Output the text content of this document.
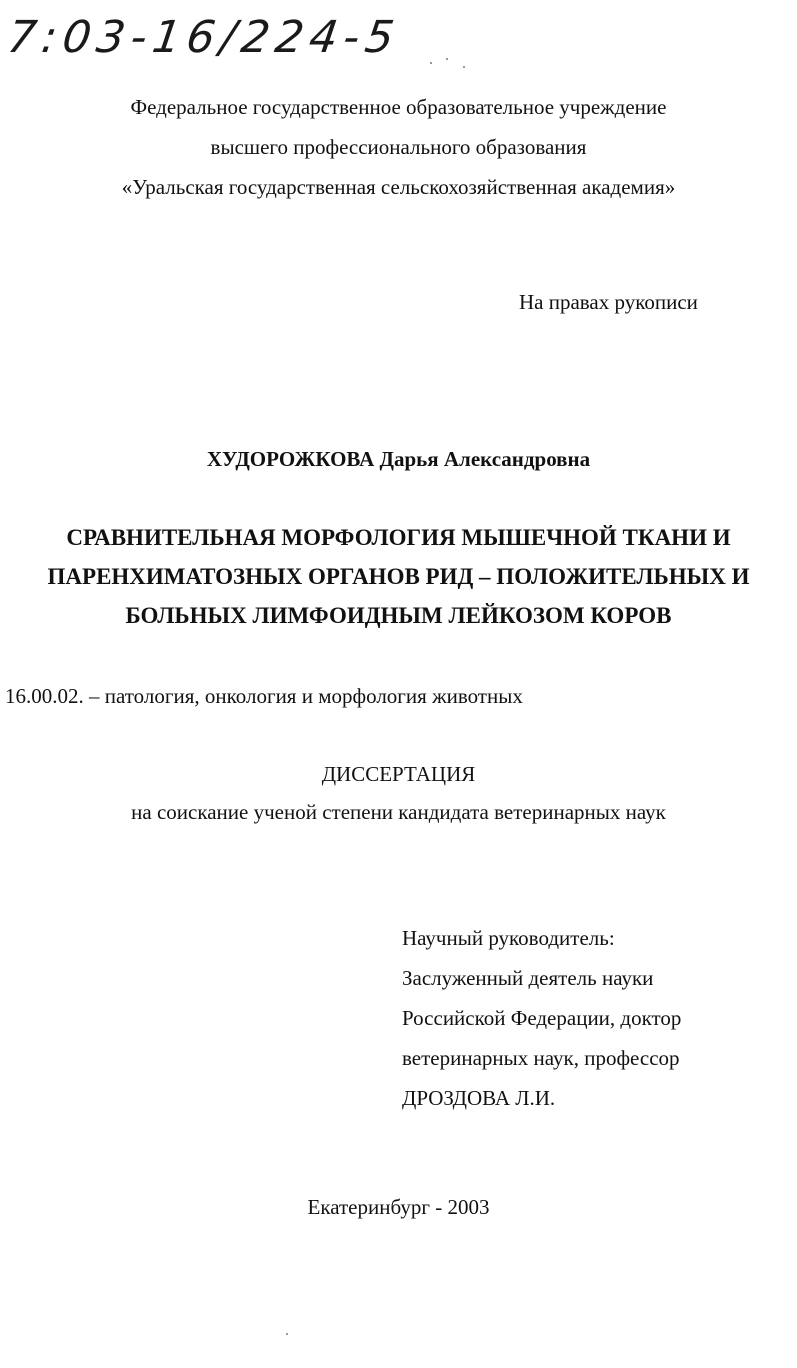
7:03-16/224-5
Федеральное государственное образовательное учреждение
высшего профессионального образования
«Уральская государственная сельскохозяйственная академия»
На правах рукописи
ХУДОРОЖКОВА Дарья Александровна
СРАВНИТЕЛЬНАЯ МОРФОЛОГИЯ МЫШЕЧНОЙ ТКАНИ И
ПАРЕНХИМАТОЗНЫХ ОРГАНОВ РИД – ПОЛОЖИТЕЛЬНЫХ И
БОЛЬНЫХ ЛИМФОИДНЫМ ЛЕЙКОЗОМ КОРОВ
16.00.02. – патология, онкология и морфология животных
ДИССЕРТАЦИЯ
на соискание ученой степени кандидата ветеринарных наук
Научный руководитель:
Заслуженный деятель науки
Российской Федерации, доктор
ветеринарных наук, профессор
ДРОЗДОВА Л.И.
Екатеринбург - 2003
